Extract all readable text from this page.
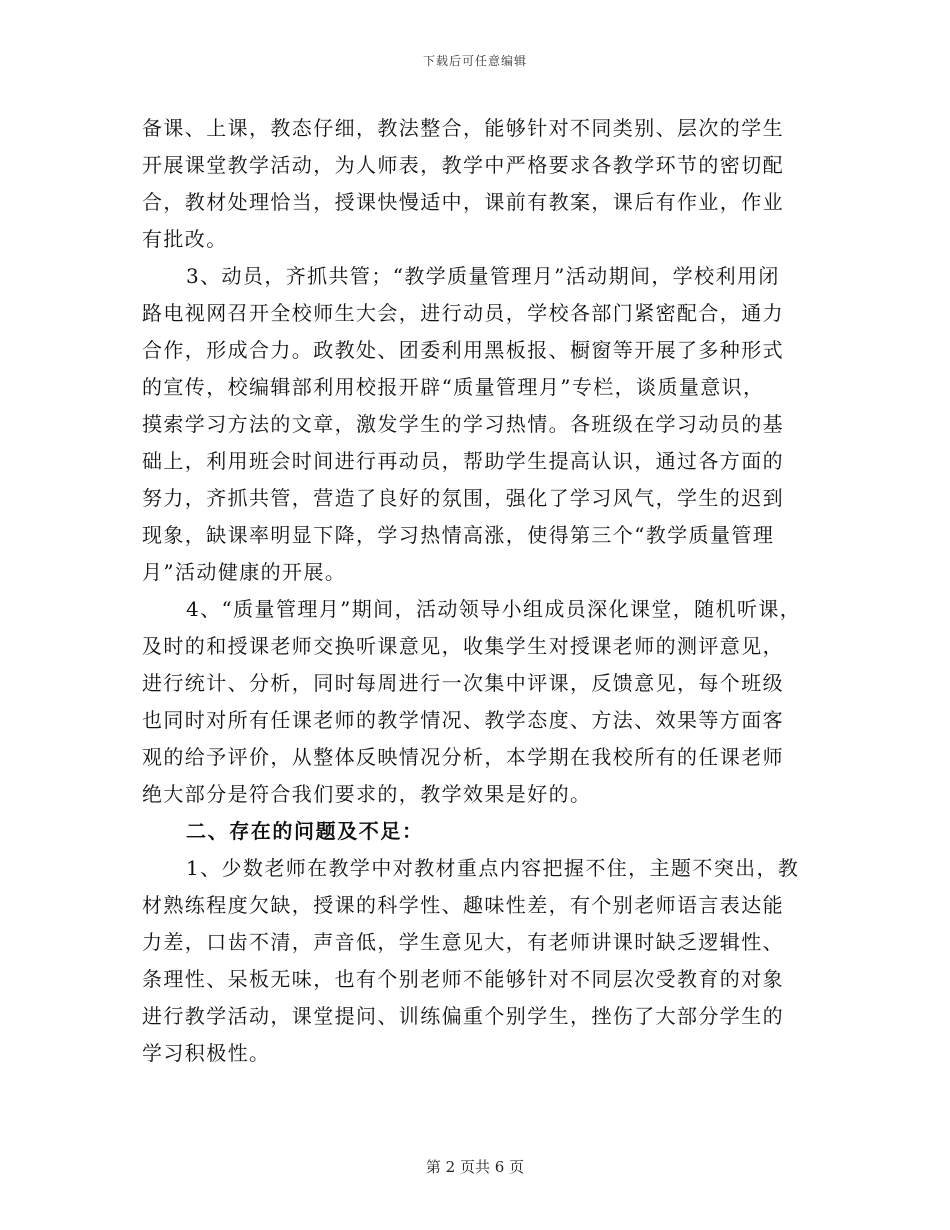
下载后可任意编辑
备课、上课，教态仔细，教法整合，能够针对不同类别、层次的学生
开展课堂教学活动，为人师表，教学中严格要求各教学环节的密切配
合，教材处理恰当，授课快慢适中，课前有教案，课后有作业，作业
有批改。
3、动员，齐抓共管；“教学质量管理月”活动期间，学校利用闭
路电视网召开全校师生大会，进行动员，学校各部门紧密配合，通力
合作，形成合力。政教处、团委利用黑板报、橱窗等开展了多种形式
的宣传，校编辑部利用校报开辟“质量管理月”专栏，谈质量意识，
摸索学习方法的文章，激发学生的学习热情。各班级在学习动员的基
础上，利用班会时间进行再动员，帮助学生提高认识，通过各方面的
努力，齐抓共管，营造了良好的氛围，强化了学习风气，学生的迟到
现象，缺课率明显下降，学习热情高涨，使得第三个“教学质量管理
月”活动健康的开展。
4、“质量管理月”期间，活动领导小组成员深化课堂，随机听课，
及时的和授课老师交换听课意见，收集学生对授课老师的测评意见，
进行统计、分析，同时每周进行一次集中评课，反馈意见，每个班级
也同时对所有任课老师的教学情况、教学态度、方法、效果等方面客
观的给予评价，从整体反映情况分析，本学期在我校所有的任课老师
绝大部分是符合我们要求的，教学效果是好的。
二、存在的问题及不足：
1、少数老师在教学中对教材重点内容把握不住，主题不突出，教
材熟练程度欠缺，授课的科学性、趣味性差，有个别老师语言表达能
力差，口齿不清，声音低，学生意见大，有老师讲课时缺乏逻辑性、
条理性、呆板无味，也有个别老师不能够针对不同层次受教育的对象
进行教学活动，课堂提问、训练偏重个别学生，挫伤了大部分学生的
学习积极性。
第 2 页共 6 页
